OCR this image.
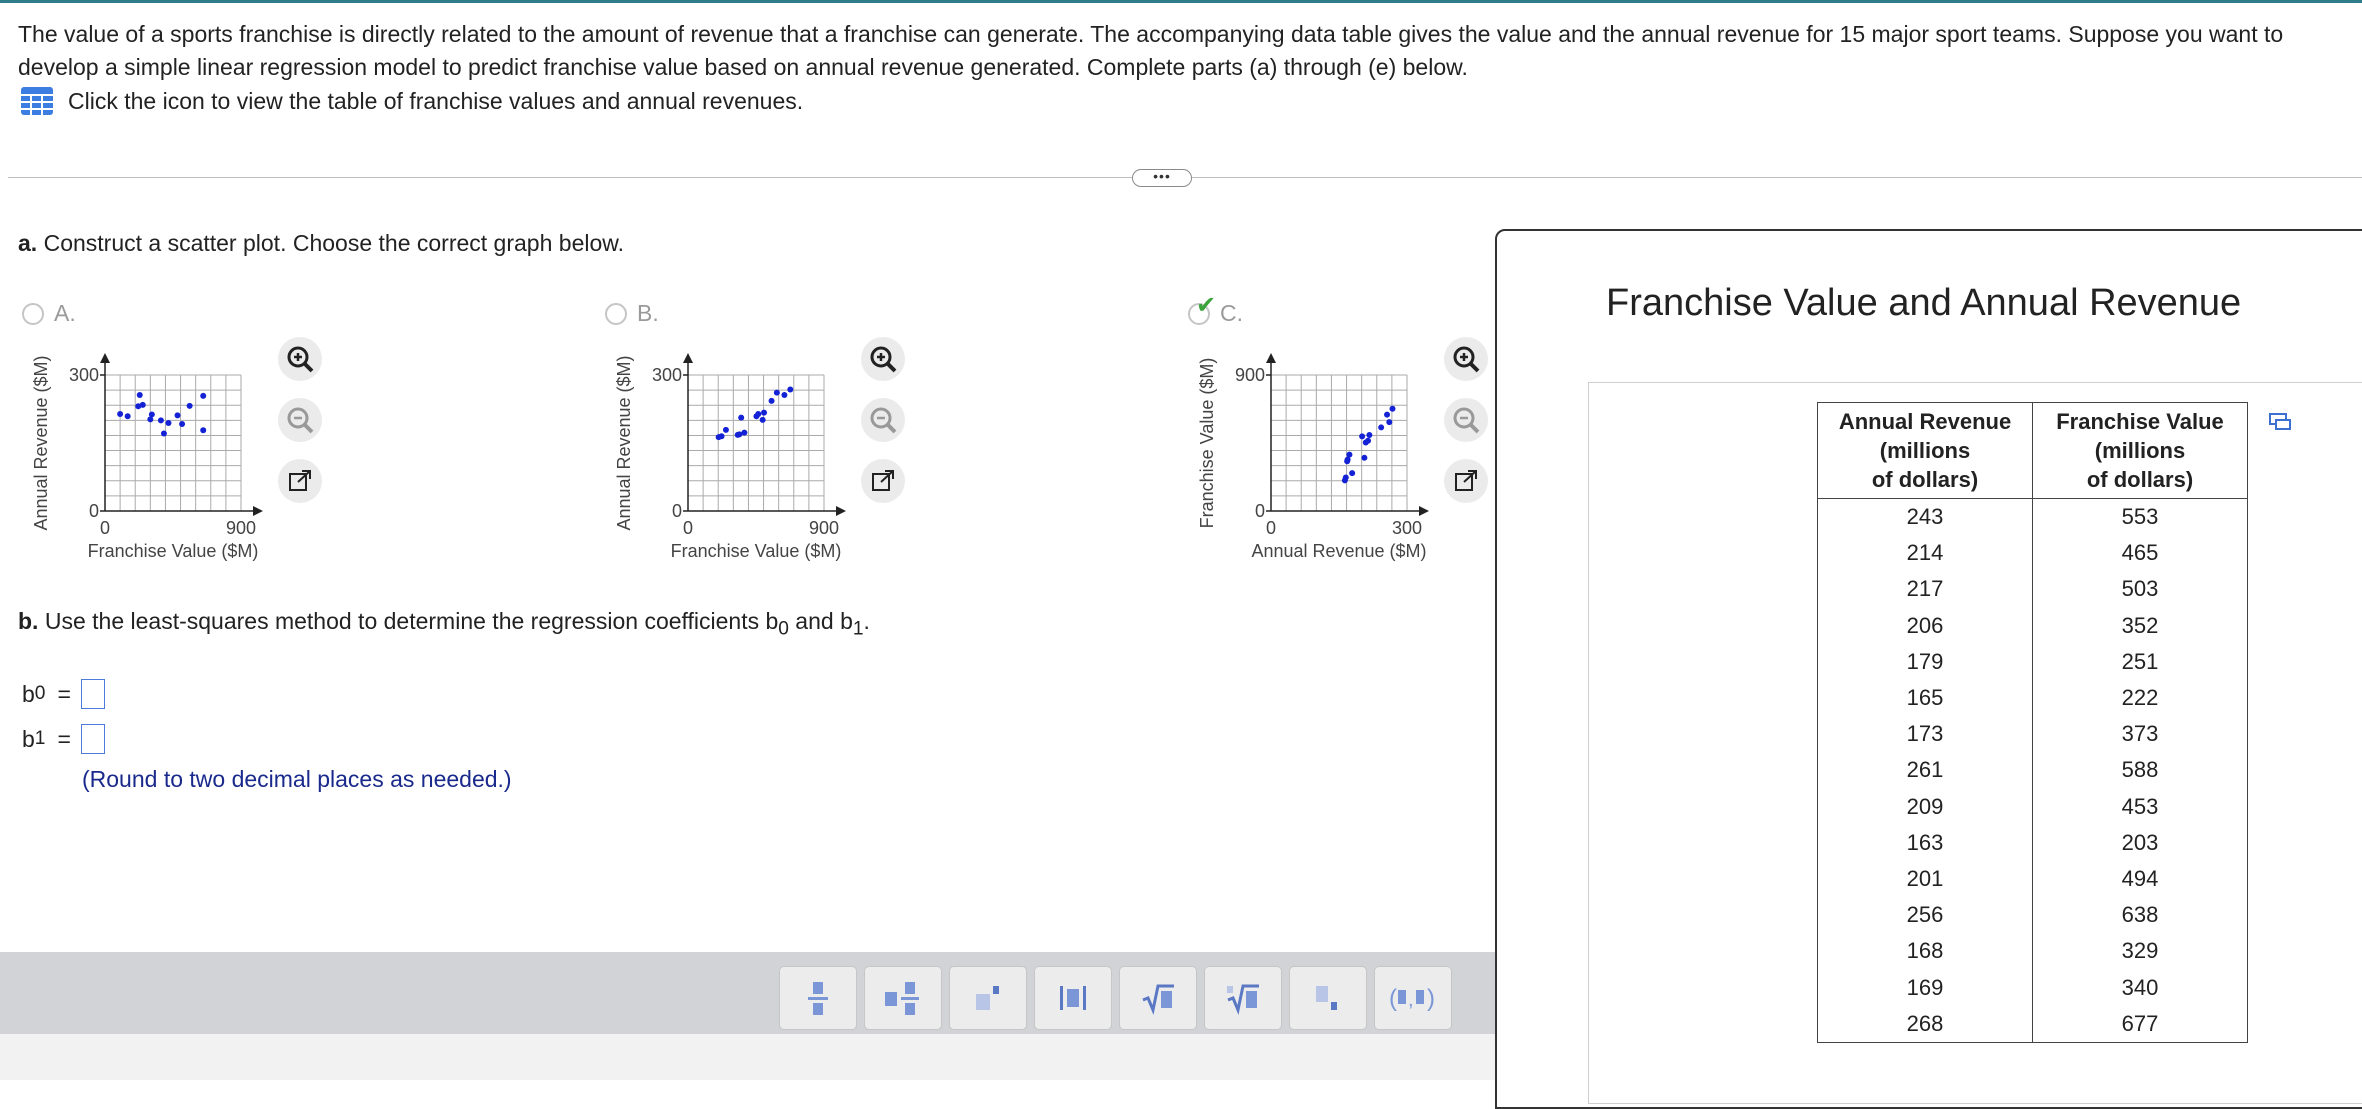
The value of a sports franchise is directly related to the amount of revenue that a franchise can generate. The accompanying data table gives the value and the annual revenue for 15 major sport teams. Suppose you want to develop a simple linear regression model to predict franchise value based on annual revenue generated. Complete parts (a) through (e) below.

Click the icon to view the table of franchise values and annual revenues.
•••
a. Construct a scatter plot. Choose the correct graph below.
A.	B.	✔ C.
300
0
0	900
Franchise Value ($M)
Annual Revenue ($M)	300
0
0	900
Franchise Value ($M)
Annual Revenue ($M)	900
0
0	300
Annual Revenue ($M)
Franchise Value ($M)
b. Use the least-squares method to determine the regression coefficients $b_0$ and $b_1$.
b 0 =
b 1 =
(Round to two decimal places as needed.)
( , )
Franchise Value and Annual Revenue
Annual Revenue
(millions
of dollars)	Franchise Value
(millions
of dollars)
243	553
214	465
217	503
206	352
179	251
165	222
173	373
261	588
209	453
163	203
201	494
256	638
168	329
169	340
268	677
